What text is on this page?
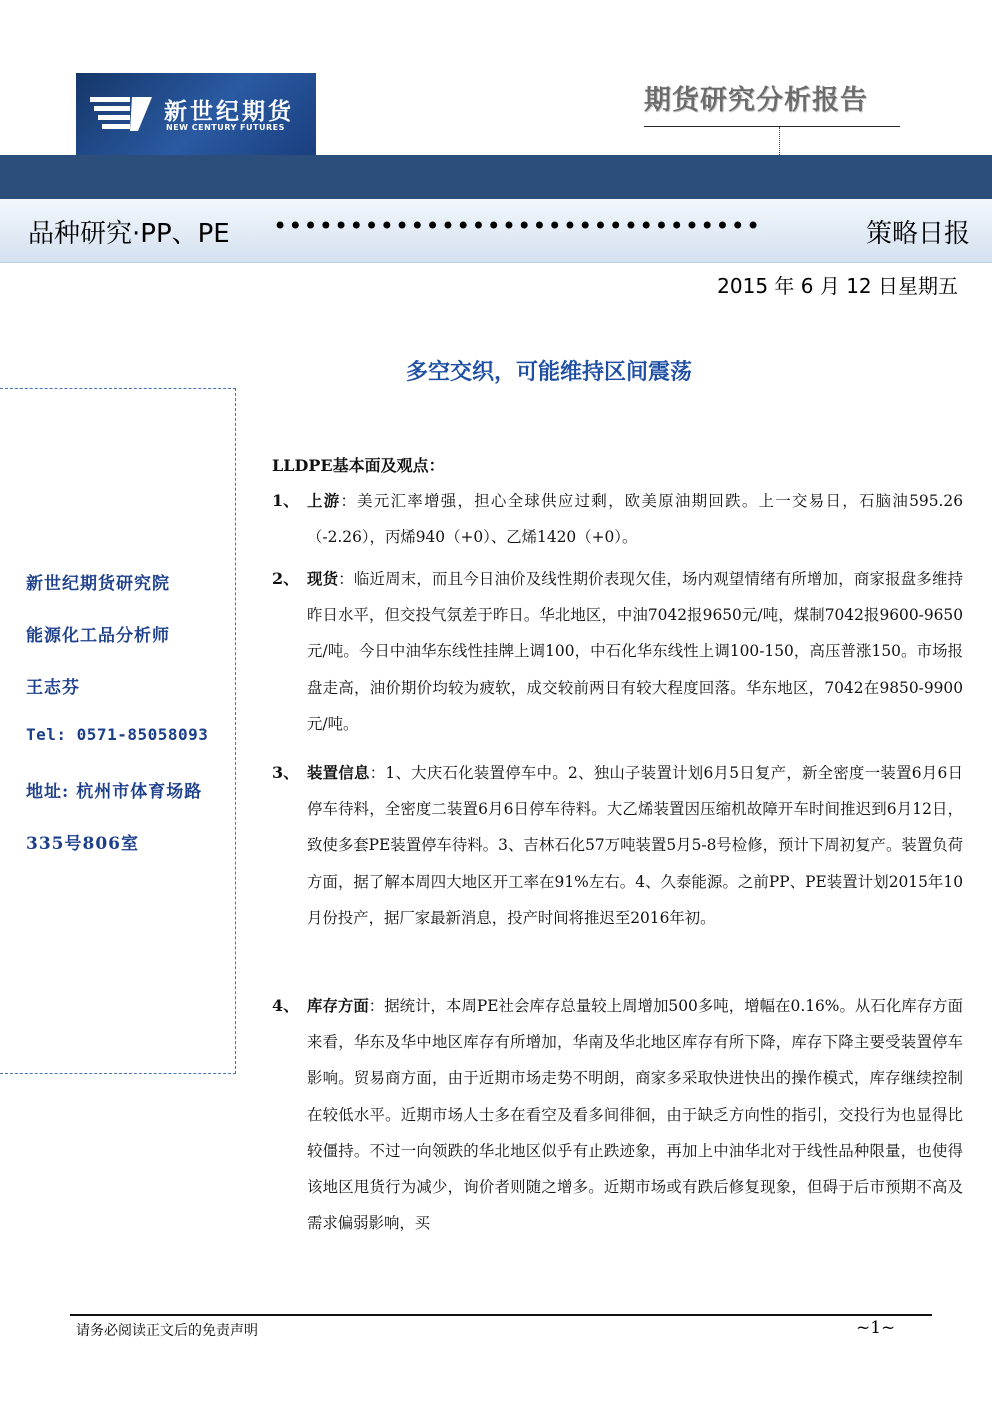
新世纪期货
NEW CENTURY FUTURES
期货研究分析报告
品种研究·PP、PE ••••••••••••••••••••••••••••••••	策略日报
2015 年 6 月 12 日星期五
多空交织，可能维持区间震荡
新世纪期货研究院
能源化工品分析师
王志芬
Tel: 0571-85058093
地址: 杭州市体育场路
335号806室
LLDPE基本面及观点：
1、 上游：美元汇率增强，担心全球供应过剩，欧美原油期回跌。上一交易日，石脑油595.26（-2.26），丙烯940（+0）、乙烯1420（+0）。
2、 现货：临近周末，而且今日油价及线性期价表现欠佳，场内观望情绪有所增加，商家报盘多维持昨日水平，但交投气氛差于昨日。华北地区，中油7042报9650元/吨，煤制7042报9600-9650元/吨。今日中油华东线性挂牌上调100，中石化华东线性上调100-150，高压普涨150。市场报盘走高，油价期价均较为疲软，成交较前两日有较大程度回落。华东地区，7042在9850-9900元/吨。
3、 装置信息：1、大庆石化装置停车中。2、独山子装置计划6月5日复产，新全密度一装置6月6日停车待料，全密度二装置6月6日停车待料。大乙烯装置因压缩机故障开车时间推迟到6月12日，致使多套PE装置停车待料。3、吉林石化57万吨装置5月5-8号检修，预计下周初复产。装置负荷方面，据了解本周四大地区开工率在91%左右。4、久泰能源。之前PP、PE装置计划2015年10月份投产，据厂家最新消息，投产时间将推迟至2016年初。
4、 库存方面：据统计，本周PE社会库存总量较上周增加500多吨，增幅在0.16%。从石化库存方面来看，华东及华中地区库存有所增加，华南及华北地区库存有所下降，库存下降主要受装置停车影响。贸易商方面，由于近期市场走势不明朗，商家多采取快进快出的操作模式，库存继续控制在较低水平。近期市场人士多在看空及看多间徘徊，由于缺乏方向性的指引，交投行为也显得比较僵持。不过一向领跌的华北地区似乎有止跌迹象，再加上中油华北对于线性品种限量，也使得该地区甩货行为减少，询价者则随之增多。近期市场或有跌后修复现象，但碍于后市预期不高及需求偏弱影响，买
请务必阅读正文后的免责声明	~1~
